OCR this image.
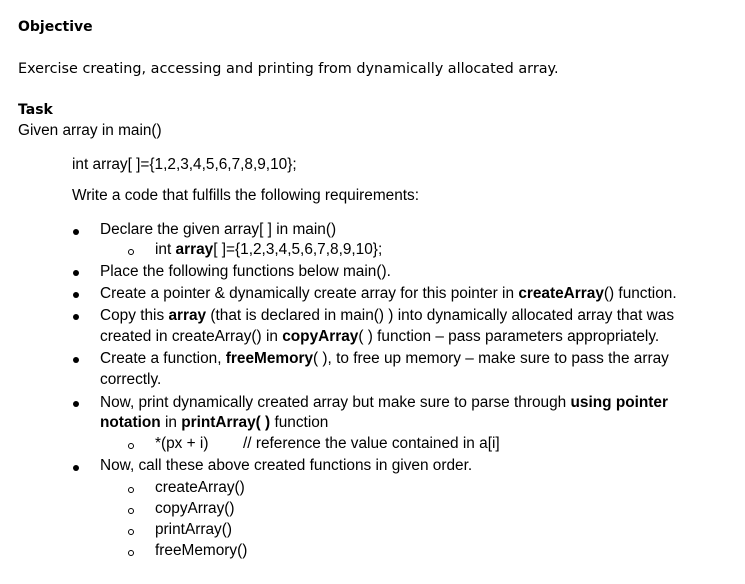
Objective
Exercise creating, accessing and printing from dynamically allocated array.
Task
Given array in main()
int array[ ]={1,2,3,4,5,6,7,8,9,10};
Write a code that fulfills the following requirements:
Declare the given array[ ] in main()
int array[ ]={1,2,3,4,5,6,7,8,9,10};
Place the following functions below main().
Create a pointer & dynamically create array for this pointer in createArray() function.
Copy this array (that is declared in main() ) into dynamically allocated array that was
created in createArray() in copyArray( ) function – pass parameters appropriately.
Create a function, freeMemory( ), to free up memory – make sure to pass the array
correctly.
Now, print dynamically created array but make sure to parse through using pointer
notation in printArray( ) function
*(px + i) // reference the value contained in a[i]
Now, call these above created functions in given order.
createArray()
copyArray()
printArray()
freeMemory()
